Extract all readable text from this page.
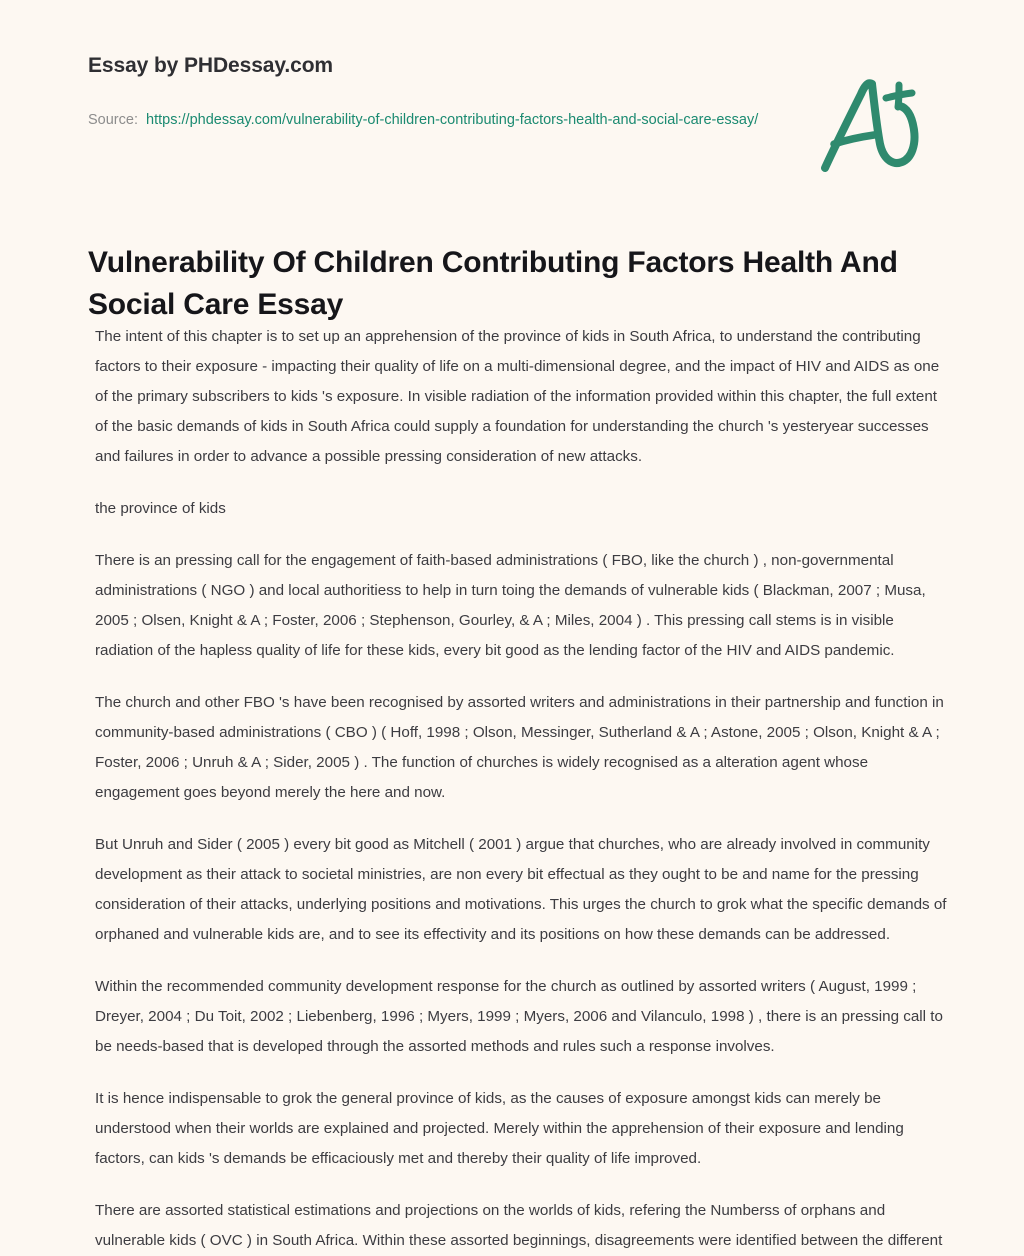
Essay by PHDessay.com
Source: https://phdessay.com/vulnerability-of-children-contributing-factors-health-and-social-care-essay/
Vulnerability Of Children Contributing Factors Health And Social Care Essay

The intent of this chapter is to set up an apprehension of the province of kids in South Africa, to understand the contributing factors to their exposure - impacting their quality of life on a multi-dimensional degree, and the impact of HIV and AIDS as one of the primary subscribers to kids 's exposure. In visible radiation of the information provided within this chapter, the full extent of the basic demands of kids in South Africa could supply a foundation for understanding the church 's yesteryear successes and failures in order to advance a possible pressing consideration of new attacks.

the province of kids

There is an pressing call for the engagement of faith-based administrations ( FBO, like the church ) , non-governmental administrations ( NGO ) and local authoritiess to help in turn toing the demands of vulnerable kids ( Blackman, 2007 ; Musa, 2005 ; Olsen, Knight & A ; Foster, 2006 ; Stephenson, Gourley, & A ; Miles, 2004 ) . This pressing call stems is in visible radiation of the hapless quality of life for these kids, every bit good as the lending factor of the HIV and AIDS pandemic.

The church and other FBO 's have been recognised by assorted writers and administrations in their partnership and function in community-based administrations ( CBO ) ( Hoff, 1998 ; Olson, Messinger, Sutherland & A ; Astone, 2005 ; Olson, Knight & A ; Foster, 2006 ; Unruh & A ; Sider, 2005 ) . The function of churches is widely recognised as a alteration agent whose engagement goes beyond merely the here and now.

But Unruh and Sider ( 2005 ) every bit good as Mitchell ( 2001 ) argue that churches, who are already involved in community development as their attack to societal ministries, are non every bit effectual as they ought to be and name for the pressing consideration of their attacks, underlying positions and motivations. This urges the church to grok what the specific demands of orphaned and vulnerable kids are, and to see its effectivity and its positions on how these demands can be addressed.

Within the recommended community development response for the church as outlined by assorted writers ( August, 1999 ; Dreyer, 2004 ; Du Toit, 2002 ; Liebenberg, 1996 ; Myers, 1999 ; Myers, 2006 and Vilanculo, 1998 ) , there is an pressing call to be needs-based that is developed through the assorted methods and rules such a response involves.

It is hence indispensable to grok the general province of kids, as the causes of exposure amongst kids can merely be understood when their worlds are explained and projected. Merely within the apprehension of their exposure and lending factors, can kids 's demands be efficaciously met and thereby their quality of life improved.

There are assorted statistical estimations and projections on the worlds of kids, refering the Numberss of orphans and vulnerable kids ( OVC ) in South Africa. Within these assorted beginnings, disagreements were identified between the different
